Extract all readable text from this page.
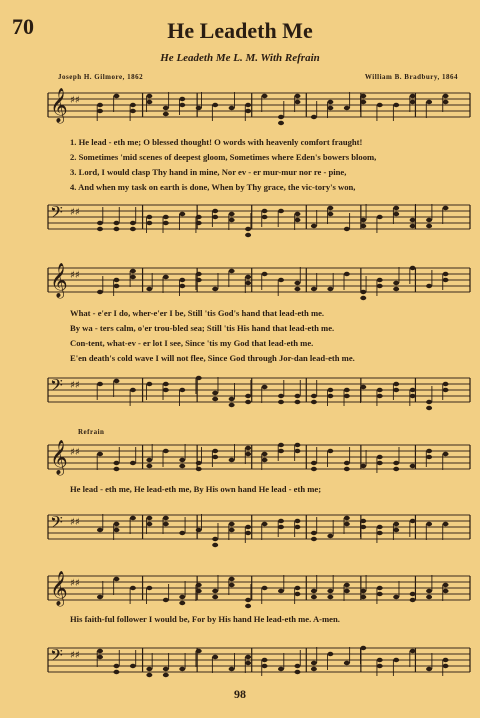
70	He Leadeth Me
He Leadeth Me L. M. With Refrain
Joseph H. Gilmore, 1862	William B. Bradbury, 1864
𝄞 ♯♯
1. He lead - eth me; O blessed thought! O words with heavenly comfort fraught!
2. Sometimes 'mid scenes of deepest gloom, Sometimes where Eden's bowers bloom,
3. Lord, I would clasp Thy hand in mine, Nor ev - er mur-mur nor re - pine,
4. And when my task on earth is done, When by Thy grace, the vic-tory's won,
𝄢 ♯♯
𝄞 ♯♯
What - e'er I do, wher-e'er I be, Still 'tis God's hand that lead-eth me.
By wa - ters calm, o'er trou-bled sea; Still 'tis His hand that lead-eth me.
Con-tent, what-ev - er lot I see, Since 'tis my God that lead-eth me.
E'en death's cold wave I will not flee, Since God through Jor-dan lead-eth me.
𝄢 ♯♯
Refrain
𝄞 ♯♯
He lead - eth me, He lead-eth me, By His own hand He lead - eth me;
𝄢 ♯♯
𝄞 ♯♯
His faith-ful follower I would be, For by His hand He lead-eth me. A-men.
𝄢 ♯♯
98
